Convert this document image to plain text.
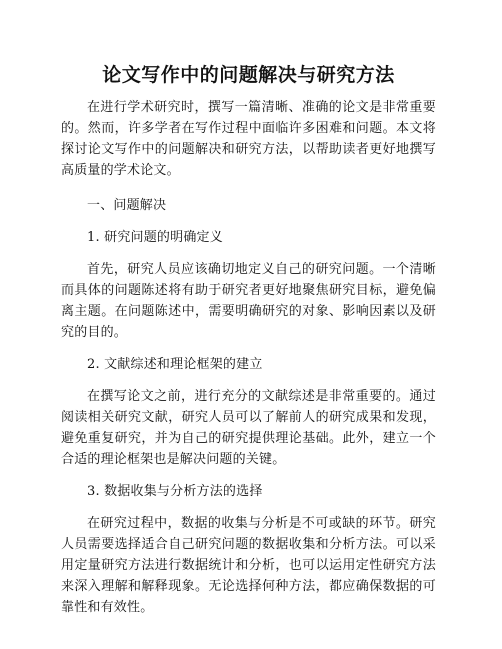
论文写作中的问题解决与研究方法

在进行学术研究时，撰写一篇清晰、准确的论文是非常重要的。然而，许多学者在写作过程中面临许多困难和问题。本文将探讨论文写作中的问题解决和研究方法，以帮助读者更好地撰写高质量的学术论文。

一、问题解决

1. 研究问题的明确定义

首先，研究人员应该确切地定义自己的研究问题。一个清晰而具体的问题陈述将有助于研究者更好地聚焦研究目标，避免偏离主题。在问题陈述中，需要明确研究的对象、影响因素以及研究的目的。

2. 文献综述和理论框架的建立

在撰写论文之前，进行充分的文献综述是非常重要的。通过阅读相关研究文献，研究人员可以了解前人的研究成果和发现，避免重复研究，并为自己的研究提供理论基础。此外，建立一个合适的理论框架也是解决问题的关键。

3. 数据收集与分析方法的选择

在研究过程中，数据的收集与分析是不可或缺的环节。研究人员需要选择适合自己研究问题的数据收集和分析方法。可以采用定量研究方法进行数据统计和分析，也可以运用定性研究方法来深入理解和解释现象。无论选择何种方法，都应确保数据的可靠性和有效性。
